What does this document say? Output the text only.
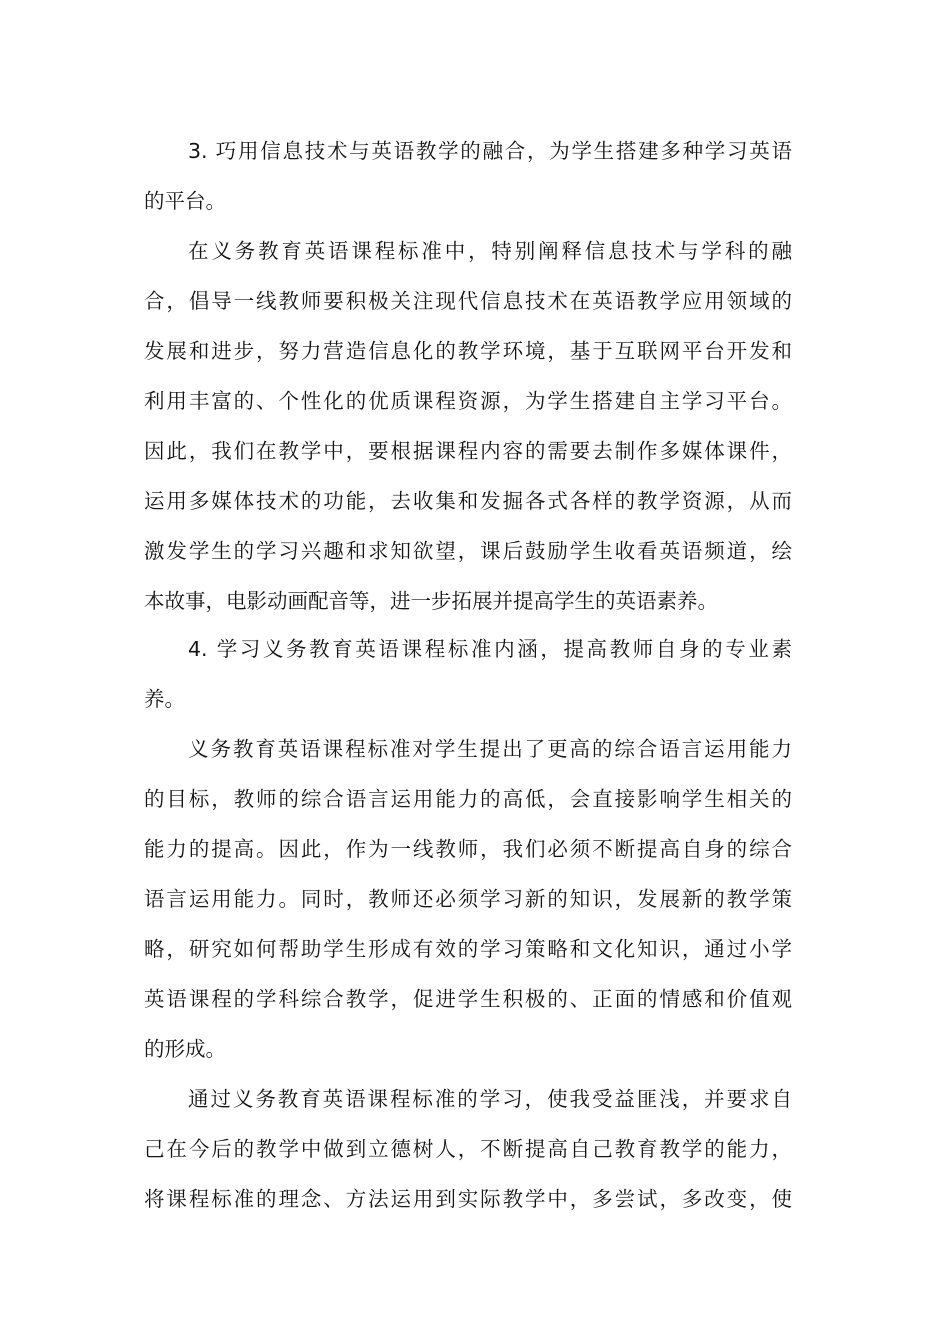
3. 巧用信息技术与英语教学的融合，为学生搭建多种学习英语
的平台。
在义务教育英语课程标准中，特别阐释信息技术与学科的融
合，倡导一线教师要积极关注现代信息技术在英语教学应用领域的
发展和进步，努力营造信息化的教学环境，基于互联网平台开发和
利用丰富的、个性化的优质课程资源，为学生搭建自主学习平台。
因此，我们在教学中，要根据课程内容的需要去制作多媒体课件，
运用多媒体技术的功能，去收集和发掘各式各样的教学资源，从而
激发学生的学习兴趣和求知欲望，课后鼓励学生收看英语频道，绘
本故事，电影动画配音等，进一步拓展并提高学生的英语素养。
4. 学习义务教育英语课程标准内涵，提高教师自身的专业素
养。
义务教育英语课程标准对学生提出了更高的综合语言运用能力
的目标，教师的综合语言运用能力的高低，会直接影响学生相关的
能力的提高。因此，作为一线教师，我们必须不断提高自身的综合
语言运用能力。同时，教师还必须学习新的知识，发展新的教学策
略，研究如何帮助学生形成有效的学习策略和文化知识，通过小学
英语课程的学科综合教学，促进学生积极的、正面的情感和价值观
的形成。
通过义务教育英语课程标准的学习，使我受益匪浅，并要求自
己在今后的教学中做到立德树人，不断提高自己教育教学的能力，
将课程标准的理念、方法运用到实际教学中，多尝试，多改变，使
